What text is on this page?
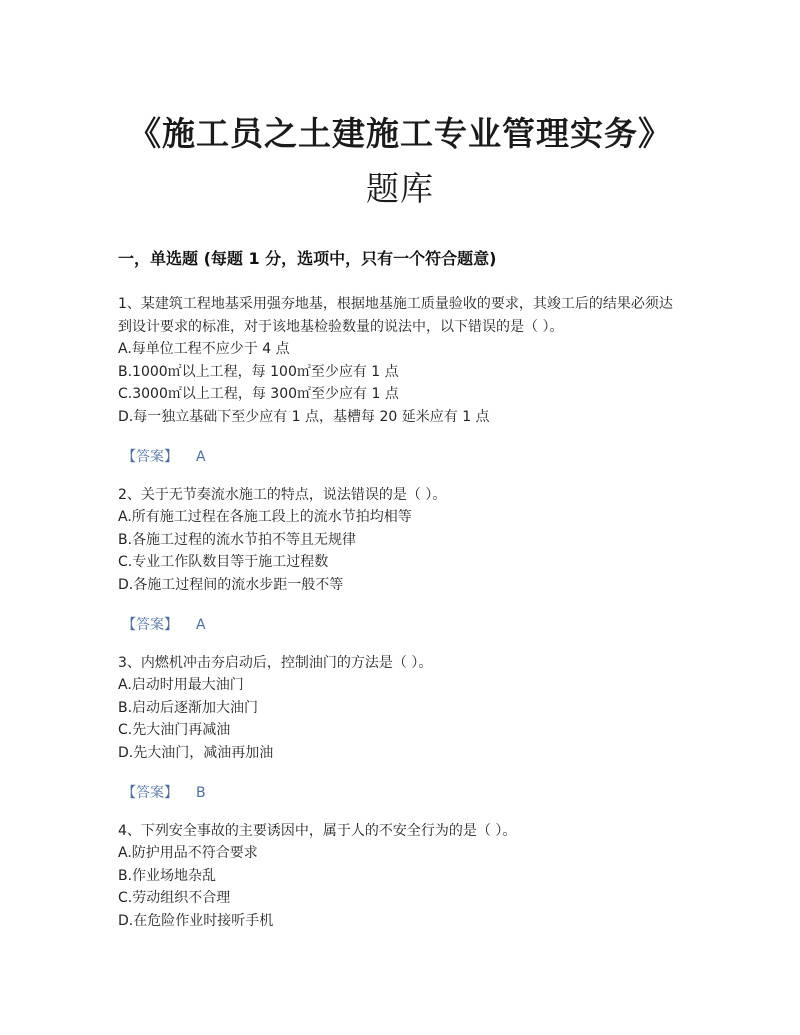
《施工员之土建施工专业管理实务》
题库
一，单选题 (每题 1 分，选项中，只有一个符合题意)

1、某建筑工程地基采用强夯地基，根据地基施工质量验收的要求，其竣工后的结果必须达到设计要求的标准，对于该地基检验数量的说法中，以下错误的是（ ）。

A.每单位工程不应少于 4 点

B.1000㎡以上工程，每 100㎡至少应有 1 点

C.3000㎡以上工程，每 300㎡至少应有 1 点

D.每一独立基础下至少应有 1 点，基槽每 20 延米应有 1 点

【答案】 A

2、关于无节奏流水施工的特点，说法错误的是（ ）。

A.所有施工过程在各施工段上的流水节拍均相等

B.各施工过程的流水节拍不等且无规律

C.专业工作队数目等于施工过程数

D.各施工过程间的流水步距一般不等

【答案】 A

3、内燃机冲击夯启动后，控制油门的方法是（ ）。

A.启动时用最大油门

B.启动后逐渐加大油门

C.先大油门再减油

D.先大油门，减油再加油

【答案】 B

4、下列安全事故的主要诱因中，属于人的不安全行为的是（ ）。

A.防护用品不符合要求

B.作业场地杂乱

C.劳动组织不合理

D.在危险作业时接听手机
